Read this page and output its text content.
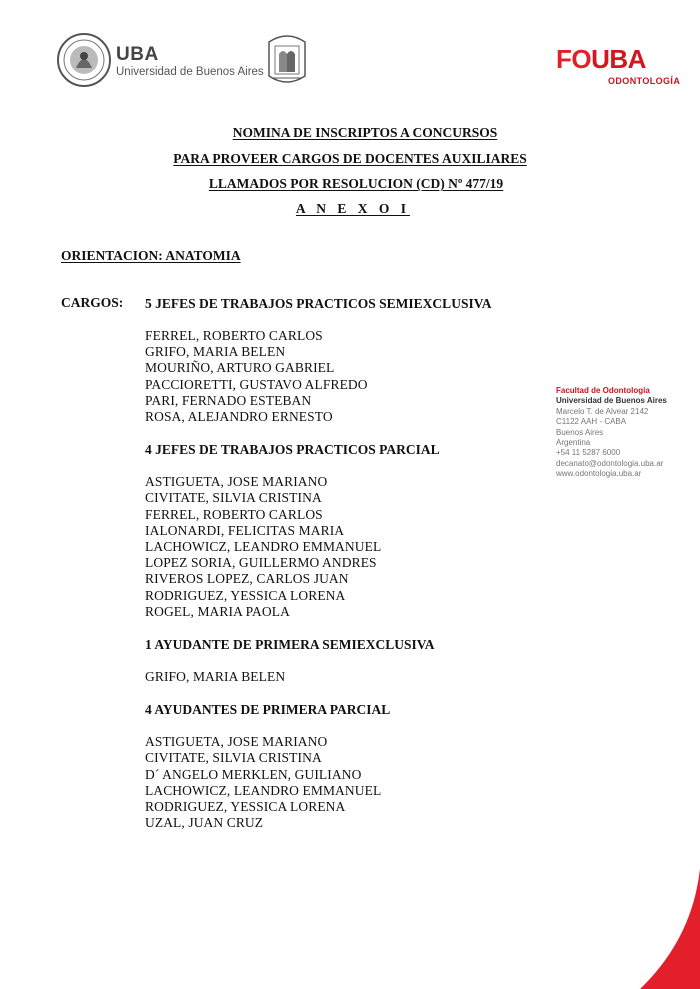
UBA
Universidad de Buenos Aires	FOUBA
ODONTOLOGÍA
NOMINA DE INSCRIPTOS A CONCURSOS
PARA PROVEER CARGOS DE DOCENTES AUXILIARES
LLAMADOS POR RESOLUCION (CD) Nº 477/19
A N E X O I
ORIENTACION: ANATOMIA
CARGOS: 5 JEFES DE TRABAJOS PRACTICOS SEMIEXCLUSIVA
FERREL, ROBERTO CARLOS
GRIFO, MARIA BELEN
MOURIÑO, ARTURO GABRIEL
PACCIORETTI, GUSTAVO ALFREDO
PARI, FERNADO ESTEBAN
ROSA, ALEJANDRO ERNESTO
4 JEFES DE TRABAJOS PRACTICOS PARCIAL
ASTIGUETA, JOSE MARIANO
CIVITATE, SILVIA CRISTINA
FERREL, ROBERTO CARLOS
IALONARDI, FELICITAS MARIA
LACHOWICZ, LEANDRO EMMANUEL
LOPEZ SORIA, GUILLERMO ANDRES
RIVEROS LOPEZ, CARLOS JUAN
RODRIGUEZ, YESSICA LORENA
ROGEL, MARIA PAOLA
1 AYUDANTE DE PRIMERA SEMIEXCLUSIVA
GRIFO, MARIA BELEN
4 AYUDANTES DE PRIMERA PARCIAL
ASTIGUETA, JOSE MARIANO
CIVITATE, SILVIA CRISTINA
D´ ANGELO MERKLEN, GUILIANO
LACHOWICZ, LEANDRO EMMANUEL
RODRIGUEZ, YESSICA LORENA
UZAL, JUAN CRUZ
Facultad de Odontología
Universidad de Buenos Aires
Marcelo T. de Alvear 2142
C1122 AAH - CABA
Buenos Aires
Argentina
+54 11 5287 6000
decanato@odontologia.uba.ar
www.odontologia.uba.ar
